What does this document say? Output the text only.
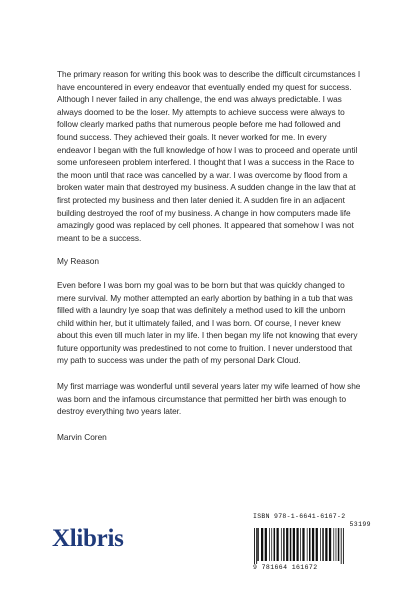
The primary reason for writing this book was to describe the difficult circumstances I have encountered in every endeavor that eventually ended my quest for success. Although I never failed in any challenge, the end was always predictable. I was always doomed to be the loser. My attempts to achieve success were always to follow clearly marked paths that numerous people before me had followed and found success. They achieved their goals. It never worked for me. In every endeavor I began with the full knowledge of how I was to proceed and operate until some unforeseen problem interfered. I thought that I was a success in the Race to the moon until that race was cancelled by a war. I was overcome by flood from a broken water main that destroyed my business. A sudden change in the law that at first protected my business and then later denied it. A sudden fire in an adjacent building destroyed the roof of my business. A change in how computers made life amazingly good was replaced by cell phones. It appeared that somehow I was not meant to be a success.

My Reason

Even before I was born my goal was to be born but that was quickly changed to mere survival. My mother attempted an early abortion by bathing in a tub that was filled with a laundry lye soap that was definitely a method used to kill the unborn child within her, but it ultimately failed, and I was born. Of course, I never knew about this even till much later in my life. I then began my life not knowing that every future opportunity was predestined to not come to fruition. I never understood that my path to success was under the path of my personal Dark Cloud.

My first marriage was wonderful until several years later my wife learned of how she was born and the infamous circumstance that permitted her birth was enough to destroy everything two years later.

Marvin Coren

Xlibris
ISBN 978-1-6641-6167-2
53199
9 781664 161672
